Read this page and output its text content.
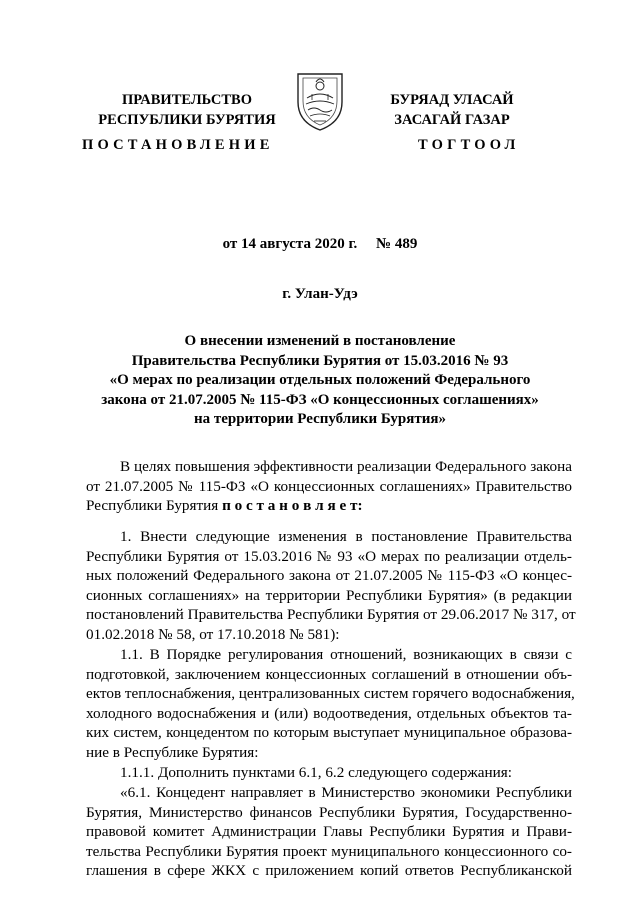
ПРАВИТЕЛЬСТВО
РЕСПУБЛИКИ БУРЯТИЯ
БУРЯАД УЛАСАЙ
ЗАСАГАЙ ГАЗАР
ПОСТАНОВЛЕНИЕ	ТОГТООЛ
от 14 августа 2020 г.     № 489
г. Улан-Удэ
О внесении изменений в постановление
Правительства Республики Бурятия от 15.03.2016 № 93
«О мерах по реализации отдельных положений Федерального
закона от 21.07.2005 № 115-ФЗ «О концессионных соглашениях»
на территории Республики Бурятия»
В целях повышения эффективности реализации Федерального закона
от 21.07.2005 № 115-ФЗ «О концессионных соглашениях» Правительство
Республики Бурятия п о с т а н о в л я е т:
1. Внести следующие изменения в постановление Правительства
Республики Бурятия от 15.03.2016 № 93 «О мерах по реализации отдель-
ных положений Федерального закона от 21.07.2005 № 115-ФЗ «О концес-
сионных соглашениях» на территории Республики Бурятия» (в редакции
постановлений Правительства Республики Бурятия от 29.06.2017 № 317, от
01.02.2018 № 58, от 17.10.2018 № 581):
1.1. В Порядке регулирования отношений, возникающих в связи с
подготовкой, заключением концессионных соглашений в отношении объ-
ектов теплоснабжения, централизованных систем горячего водоснабжения,
холодного водоснабжения и (или) водоотведения, отдельных объектов та-
ких систем, концедентом по которым выступает муниципальное образова-
ние в Республике Бурятия:
1.1.1. Дополнить пунктами 6.1, 6.2 следующего содержания:
«6.1. Концедент направляет в Министерство экономики Республики
Бурятия, Министерство финансов Республики Бурятия, Государственно-
правовой комитет Администрации Главы Республики Бурятия и Прави-
тельства Республики Бурятия проект муниципального концессионного со-
глашения в сфере ЖКХ с приложением копий ответов Республиканской
